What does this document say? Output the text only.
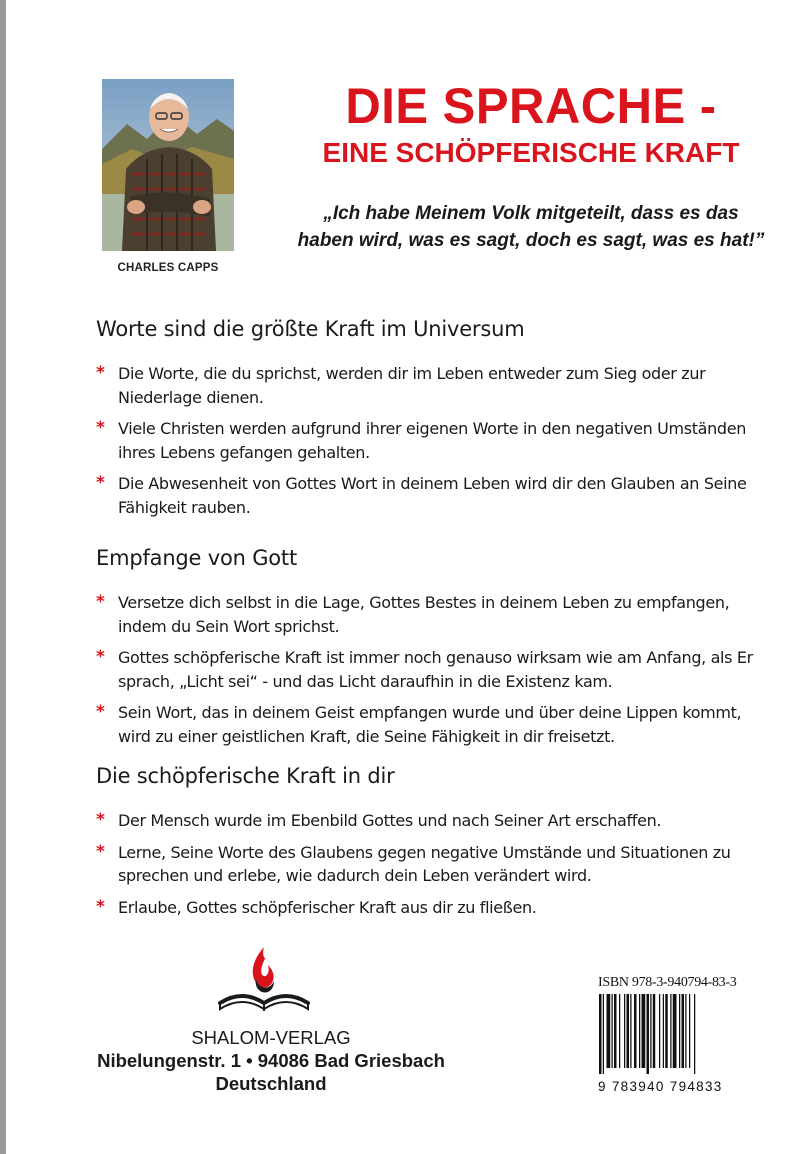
CHARLES CAPPS
DIE SPRACHE -
EINE SCHÖPFERISCHE KRAFT
„Ich habe Meinem Volk mitgeteilt, dass es das
haben wird, was es sagt, doch es sagt, was es hat!”
Worte sind die größte Kraft im Universum
* Die Worte, die du sprichst, werden dir im Leben entweder zum Sieg oder zur Niederlage dienen.
* Viele Christen werden aufgrund ihrer eigenen Worte in den negativen Umständen ihres Lebens gefangen gehalten.
* Die Abwesenheit von Gottes Wort in deinem Leben wird dir den Glauben an Seine Fähigkeit rauben.
Empfange von Gott
* Versetze dich selbst in die Lage, Gottes Bestes in deinem Leben zu empfangen, indem du Sein Wort sprichst.
* Gottes schöpferische Kraft ist immer noch genauso wirksam wie am Anfang, als Er sprach, „Licht sei“ - und das Licht daraufhin in die Existenz kam.
* Sein Wort, das in deinem Geist empfangen wurde und über deine Lippen kommt, wird zu einer geistlichen Kraft, die Seine Fähigkeit in dir freisetzt.
Die schöpferische Kraft in dir
* Der Mensch wurde im Ebenbild Gottes und nach Seiner Art erschaffen.
* Lerne, Seine Worte des Glaubens gegen negative Umstände und Situationen zu sprechen und erlebe, wie dadurch dein Leben verändert wird.
* Erlaube, Gottes schöpferischer Kraft aus dir zu fließen.
SHALOM-VERLAG
Nibelungenstr. 1 • 94086 Bad Griesbach
Deutschland
ISBN 978-3-940794-83-3
9 783940 794833
